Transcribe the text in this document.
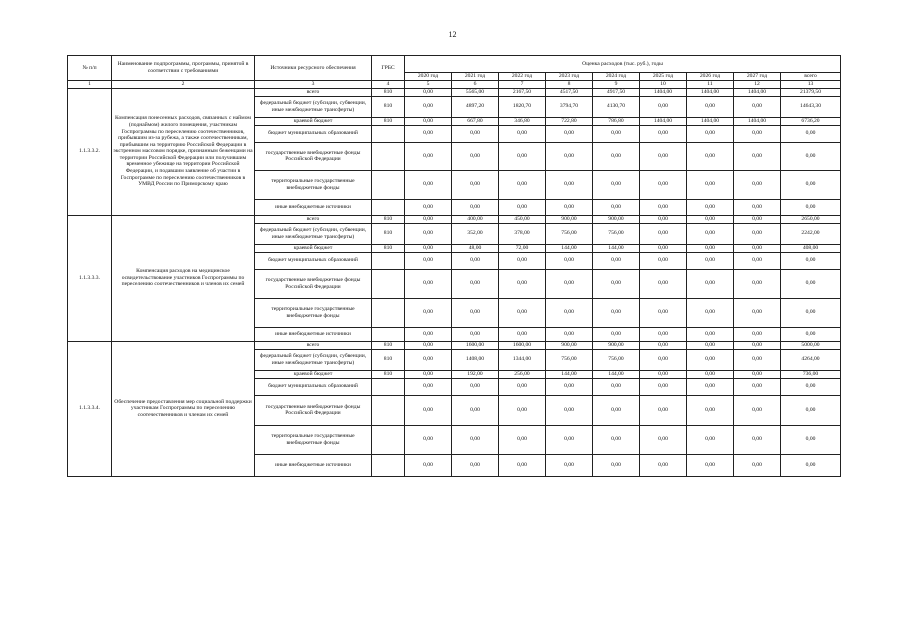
12
№ п/п	Наименование подпрограммы, программы, принятой в соответствии с требованиями	Источники ресурсного обеспечения	ГРБС	Оценка расходов (тыс. руб.), годы								
				2020 год	2021 год	2022 год	2023 год	2024 год	2025 год	2026 год	2027 год	всего
1	2	3	4	5	6	7	8	9	10	11	12	13
1.1.3.3.2.	Компенсация понесенных расходов, связанных с наймом (поднаймом) жилого помещения, участникам Госпрограммы по переселению соотечественников, прибывшим из-за рубежа, а также соотечественникам, прибывшим на территорию Российской Федерации в экстренном массовом порядке, признанным беженцами на территории Российской Федерации или получившим временное убежище на территории Российской Федерации, и подавшим заявление об участии в Госпрограмме по переселению соотечественников в УМВД России по Приморскому краю	всего	810	0,00	5565,00	2167,50	4517,50	4917,50	1404,00	1404,00	1404,00	21379,50
		федеральный бюджет (субсидии, субвенции, иные межбюджетные трансферты)	810	0,00	4897,20	1820,70	3794,70	4130,70	0,00	0,00	0,00	14643,30
		краевой бюджет	810	0,00	667,80	346,80	722,80	786,80	1404,00	1404,00	1404,00	6736,20
		бюджет муниципальных образований		0,00	0,00	0,00	0,00	0,00	0,00	0,00	0,00	0,00
		государственные внебюджетные фонды Российской Федерации		0,00	0,00	0,00	0,00	0,00	0,00	0,00	0,00	0,00
		территориальные государственные внебюджетные фонды		0,00	0,00	0,00	0,00	0,00	0,00	0,00	0,00	0,00
		иные внебюджетные источники		0,00	0,00	0,00	0,00	0,00	0,00	0,00	0,00	0,00
1.1.3.3.3.	Компенсация расходов на медицинское освидетельствование участников Госпрограммы по переселению соотечественников и членов их семей	всего	810	0,00	400,00	450,00	900,00	900,00	0,00	0,00	0,00	2650,00
		федеральный бюджет (субсидии, субвенции, иные межбюджетные трансферты)	810	0,00	352,00	378,00	756,00	756,00	0,00	0,00	0,00	2242,00
		краевой бюджет	810	0,00	48,00	72,00	144,00	144,00	0,00	0,00	0,00	408,00
		бюджет муниципальных образований		0,00	0,00	0,00	0,00	0,00	0,00	0,00	0,00	0,00
		государственные внебюджетные фонды Российской Федерации		0,00	0,00	0,00	0,00	0,00	0,00	0,00	0,00	0,00
		территориальные государственные внебюджетные фонды		0,00	0,00	0,00	0,00	0,00	0,00	0,00	0,00	0,00
		иные внебюджетные источники		0,00	0,00	0,00	0,00	0,00	0,00	0,00	0,00	0,00
1.1.3.3.4.	Обеспечение предоставления мер социальной поддержки участникам Госпрограммы по переселению соотечественников и членам их семей	всего	810	0,00	1600,00	1600,00	900,00	900,00	0,00	0,00	0,00	5000,00
		федеральный бюджет (субсидии, субвенции, иные межбюджетные трансферты)	810	0,00	1408,00	1344,00	756,00	756,00	0,00	0,00	0,00	4264,00
		краевой бюджет	810	0,00	192,00	256,00	144,00	144,00	0,00	0,00	0,00	736,00
		бюджет муниципальных образований		0,00	0,00	0,00	0,00	0,00	0,00	0,00	0,00	0,00
		государственные внебюджетные фонды Российской Федерации		0,00	0,00	0,00	0,00	0,00	0,00	0,00	0,00	0,00
		территориальные государственные внебюджетные фонды		0,00	0,00	0,00	0,00	0,00	0,00	0,00	0,00	0,00
		иные внебюджетные источники		0,00	0,00	0,00	0,00	0,00	0,00	0,00	0,00	0,00
